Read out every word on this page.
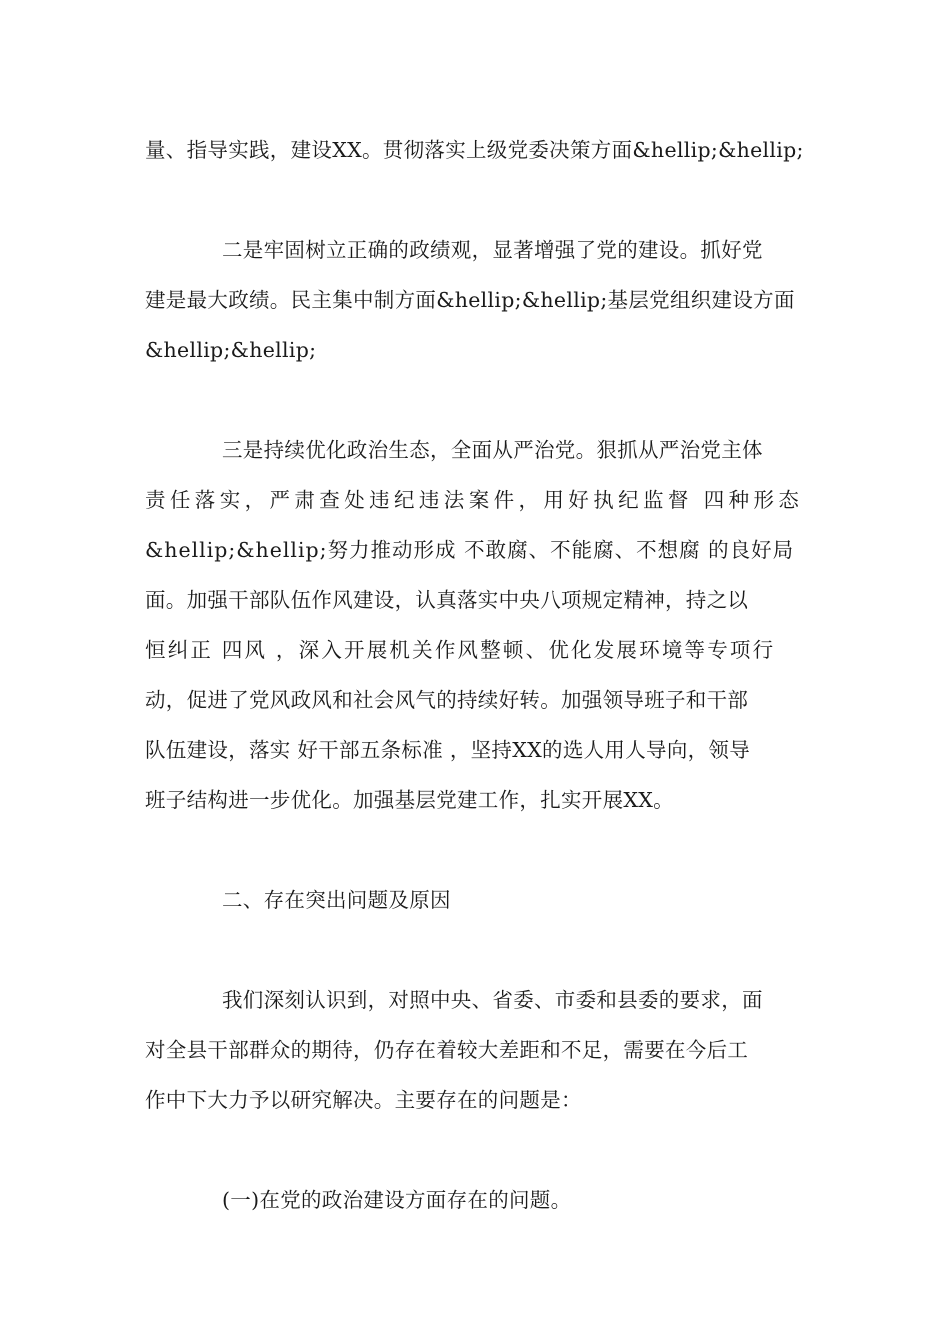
量、指导实践，建设XX。贯彻落实上级党委决策方面&hellip;&hellip;
二是牢固树立正确的政绩观，显著增强了党的建设。抓好党
建是最大政绩。民主集中制方面&hellip;&hellip;基层党组织建设方面
&hellip;&hellip;
三是持续优化政治生态，全面从严治党。狠抓从严治党主体
责任落实，严肃查处违纪违法案件，用好执纪监督 四种形态
&hellip;&hellip;努力推动形成 不敢腐、不能腐、不想腐 的良好局
面。加强干部队伍作风建设，认真落实中央八项规定精神，持之以
恒纠正 四风 ，深入开展机关作风整顿、优化发展环境等专项行
动，促进了党风政风和社会风气的持续好转。加强领导班子和干部
队伍建设，落实 好干部五条标准 ，坚持XX的选人用人导向，领导
班子结构进一步优化。加强基层党建工作，扎实开展XX。
二、存在突出问题及原因
我们深刻认识到，对照中央、省委、市委和县委的要求，面
对全县干部群众的期待，仍存在着较大差距和不足，需要在今后工
作中下大力予以研究解决。主要存在的问题是：
(一)在党的政治建设方面存在的问题。
